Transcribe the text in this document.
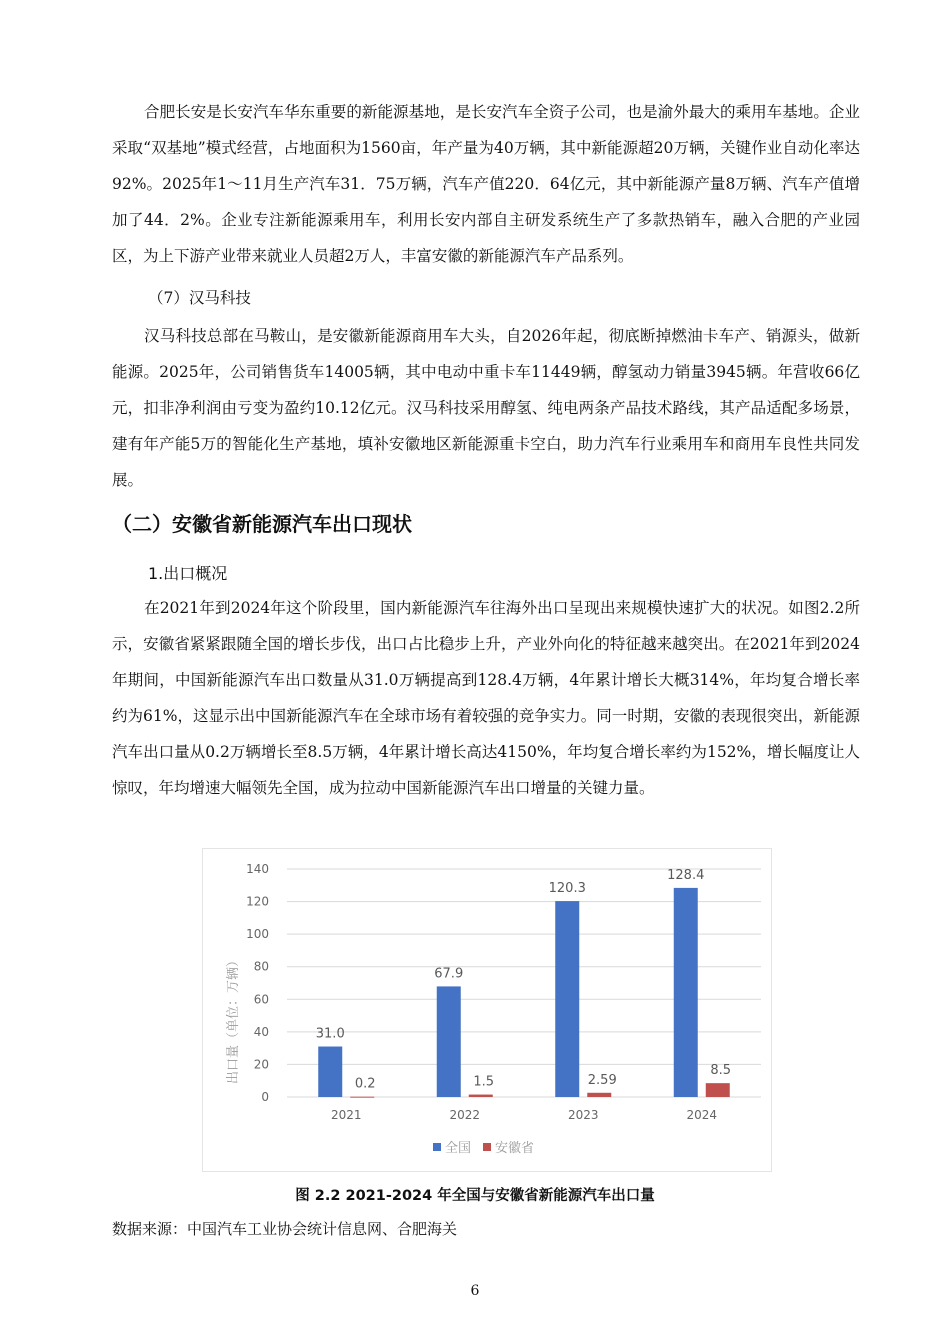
合肥长安是长安汽车华东重要的新能源基地，是长安汽车全资子公司，也是渝外最大的乘用车基地。企业采取“双基地”模式经营，占地面积为1560亩，年产量为40万辆，其中新能源超20万辆，关键作业自动化率达92%。2025年1～11月生产汽车31．75万辆，汽车产值220．64亿元，其中新能源产量8万辆、汽车产值增加了44．2%。企业专注新能源乘用车，利用长安内部自主研发系统生产了多款热销车，融入合肥的产业园区，为上下游产业带来就业人员超2万人，丰富安徽的新能源汽车产品系列。

（7）汉马科技

汉马科技总部在马鞍山，是安徽新能源商用车大头，自2026年起，彻底断掉燃油卡车产、销源头，做新能源。2025年，公司销售货车14005辆，其中电动中重卡车11449辆，醇氢动力销量3945辆。年营收66亿元，扣非净利润由亏变为盈约10.12亿元。汉马科技采用醇氢、纯电两条产品技术路线，其产品适配多场景，建有年产能5万的智能化生产基地，填补安徽地区新能源重卡空白，助力汽车行业乘用车和商用车良性共同发展。

（二）安徽省新能源汽车出口现状
1.出口概况

在2021年到2024年这个阶段里，国内新能源汽车往海外出口呈现出来规模快速扩大的状况。如图2.2所示，安徽省紧紧跟随全国的增长步伐，出口占比稳步上升，产业外向化的特征越来越突出。在2021年到2024年期间，中国新能源汽车出口数量从31.0万辆提高到128.4万辆，4年累计增长大概314%，年均复合增长率约为61%，这显示出中国新能源汽车在全球市场有着较强的竞争实力。同一时期，安徽的表现很突出，新能源汽车出口量从0.2万辆增长至8.5万辆，4年累计增长高达4150%，年均复合增长率约为152%，增长幅度让人惊叹，年均增速大幅领先全国，成为拉动中国新能源汽车出口增量的关键力量。

0
20
40
60
80
100
120
140
31.0
0.2
67.9
1.5
120.3
2.59
128.4
8.5
2021	2022	2023	2024
出口量（单位：万辆）
全国 安徽省
图 2.2 2021-2024 年全国与安徽省新能源汽车出口量
数据来源：中国汽车工业协会统计信息网、合肥海关
6
